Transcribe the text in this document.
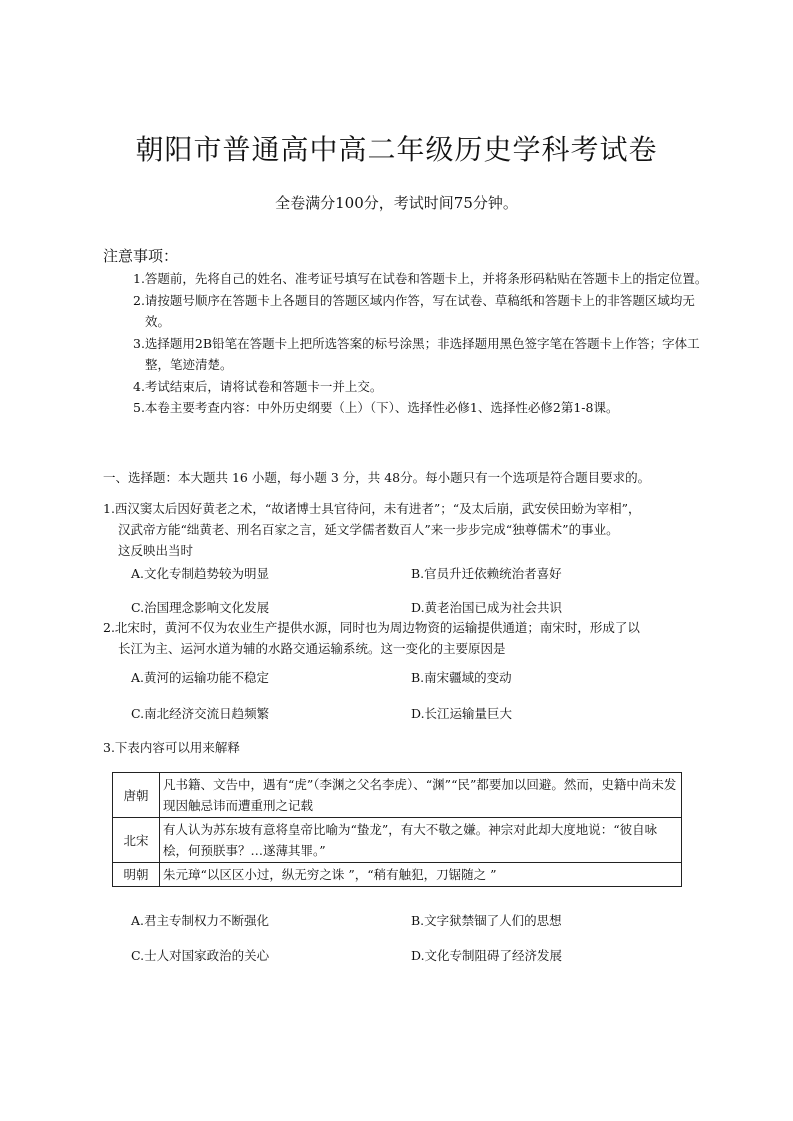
朝阳市普通高中高二年级历史学科考试卷
全卷满分100分，考试时间75分钟。
注意事项：
1.答题前，先将自己的姓名、准考证号填写在试卷和答题卡上，并将条形码粘贴在答题卡上的指定位置。
2.请按题号顺序在答题卡上各题目的答题区域内作答，写在试卷、草稿纸和答题卡上的非答题区域均无效。
3.选择题用2B铅笔在答题卡上把所选答案的标号涂黑；非选择题用黑色签字笔在答题卡上作答；字体工整，笔迹清楚。
4.考试结束后，请将试卷和答题卡一并上交。
5.本卷主要考查内容：中外历史纲要（上）（下）、选择性必修1、选择性必修2第1-8课。
一、选择题：本大题共 16 小题，每小题 3 分，共 48分。每小题只有一个选项是符合题目要求的。
1.西汉窦太后因好黄老之术，“故诸博士具官待问，未有进者”；“及太后崩，武安侯田蚡为宰相”，
汉武帝方能“绌黄老、刑名百家之言，延文学儒者数百人”来一步步完成“独尊儒术”的事业。
这反映出当时
A.文化专制趋势较为明显	B.官员升迁依赖统治者喜好
C.治国理念影响文化发展	D.黄老治国已成为社会共识
2.北宋时，黄河不仅为农业生产提供水源，同时也为周边物资的运输提供通道；南宋时，形成了以
长江为主、运河水道为辅的水路交通运输系统。这一变化的主要原因是
A.黄河的运输功能不稳定	B.南宋疆域的变动
C.南北经济交流日趋频繁	D.长江运输量巨大
3.下表内容可以用来解释
唐朝	凡书籍、文告中，遇有“虎”（李渊之父名李虎）、“渊”“民”都要加以回避。然而，史籍中尚未发现因触忌讳而遭重刑之记载
北宋	有人认为苏东坡有意将皇帝比喻为“蛰龙”，有大不敬之嫌。神宗对此却大度地说：“彼自咏桧，何预朕事？…遂薄其罪。”
明朝	朱元璋“以区区小过，纵无穷之诛 ”，“稍有触犯，刀锯随之 ”
A.君主专制权力不断强化	B.文字狱禁锢了人们的思想
C.士人对国家政治的关心	D.文化专制阻碍了经济发展
